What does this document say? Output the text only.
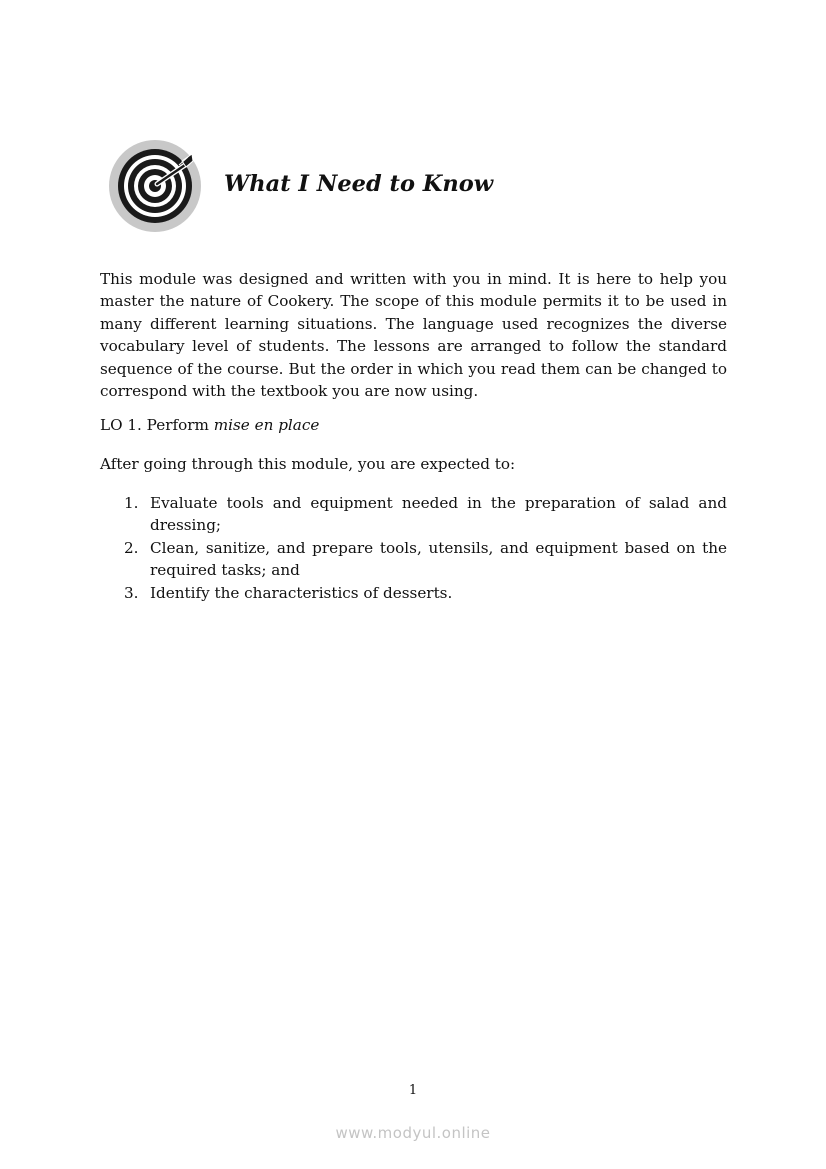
What I Need to Know

This module was designed and written with you in mind. It is here to help you master the nature of Cookery. The scope of this module permits it to be used in many different learning situations. The language used recognizes the diverse vocabulary level of students. The lessons are arranged to follow the standard sequence of the course. But the order in which you read them can be changed to correspond with the textbook you are now using.

LO 1. Perform mise en place

After going through this module, you are expected to:

1. Evaluate tools and equipment needed in the preparation of salad and dressing;
2. Clean, sanitize, and prepare tools, utensils, and equipment based on the required tasks; and
3. Identify the characteristics of desserts.
1
www.modyul.online
